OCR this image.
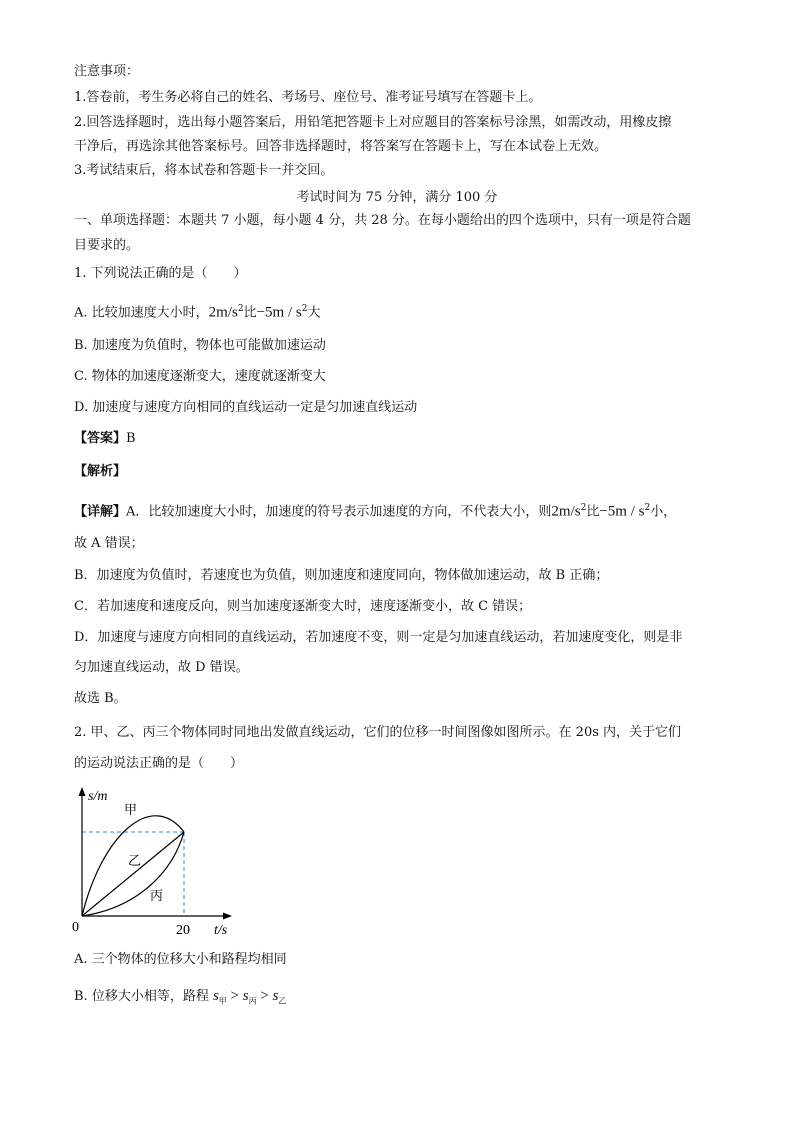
注意事项：
1.答卷前，考生务必将自己的姓名、考场号、座位号、准考证号填写在答题卡上。
2.回答选择题时，选出每小题答案后，用铅笔把答题卡上对应题目的答案标号涂黑，如需改动，用橡皮擦
干净后，再选涂其他答案标号。回答非选择题时，将答案写在答题卡上，写在本试卷上无效。
3.考试结束后，将本试卷和答题卡一并交回。
考试时间为 75 分钟，满分 100 分
一、单项选择题：本题共 7 小题，每小题 4 分，共 28 分。在每小题给出的四个选项中，只有一项是符合题
目要求的。
1. 下列说法正确的是（　　）
A. 比较加速度大小时，$2m/s^2$比$-5m / s^2$大
B. 加速度为负值时，物体也可能做加速运动
C. 物体的加速度逐渐变大，速度就逐渐变大
D. 加速度与速度方向相同的直线运动一定是匀加速直线运动
【答案】B
【解析】
【详解】A．比较加速度大小时，加速度的符号表示加速度的方向，不代表大小，则$2m/s^2$比$-5m / s^2$小，
故 A 错误；
B．加速度为负值时，若速度也为负值，则加速度和速度同向，物体做加速运动，故 B 正确；
C．若加速度和速度反向，则当加速度逐渐变大时，速度逐渐变小，故 C 错误；
D．加速度与速度方向相同的直线运动，若加速度不变，则一定是匀加速直线运动，若加速度变化，则是非
匀加速直线运动，故 D 错误。
故选 B。
2. 甲、乙、丙三个物体同时同地出发做直线运动，它们的位移一时间图像如图所示。在 20s 内，关于它们
的运动说法正确的是（　　）
s/m
甲
乙
丙
0	20 t/s
A. 三个物体的位移大小和路程均相同
B. 位移大小相等，路程 $s_甲 > s_丙 > s_乙$
